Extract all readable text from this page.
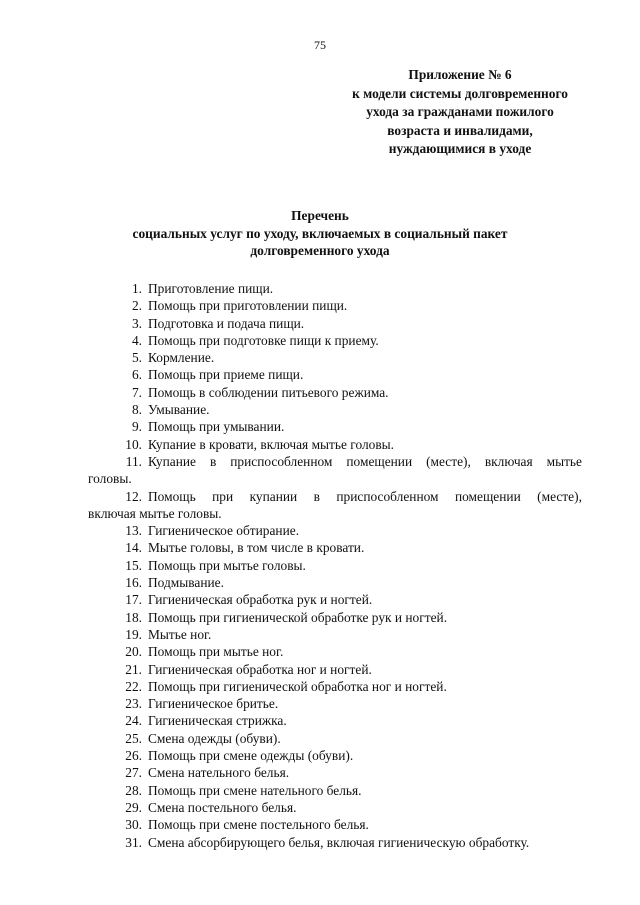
75
Приложение № 6
к модели системы долговременного
ухода за гражданами пожилого
возраста и инвалидами,
нуждающимися в уходе
Перечень
социальных услуг по уходу, включаемых в социальный пакет
долговременного ухода
1. Приготовление пищи.
2. Помощь при приготовлении пищи.
3. Подготовка и подача пищи.
4. Помощь при подготовке пищи к приему.
5. Кормление.
6. Помощь при приеме пищи.
7. Помощь в соблюдении питьевого режима.
8. Умывание.
9. Помощь при умывании.
10. Купание в кровати, включая мытье головы.
11. Купание в приспособленном помещении (месте), включая мытье
головы.
12. Помощь при купании в приспособленном помещении (месте),
включая мытье головы.
13. Гигиеническое обтирание.
14. Мытье головы, в том числе в кровати.
15. Помощь при мытье головы.
16. Подмывание.
17. Гигиеническая обработка рук и ногтей.
18. Помощь при гигиенической обработке рук и ногтей.
19. Мытье ног.
20. Помощь при мытье ног.
21. Гигиеническая обработка ног и ногтей.
22. Помощь при гигиенической обработка ног и ногтей.
23. Гигиеническое бритье.
24. Гигиеническая стрижка.
25. Смена одежды (обуви).
26. Помощь при смене одежды (обуви).
27. Смена нательного белья.
28. Помощь при смене нательного белья.
29. Смена постельного белья.
30. Помощь при смене постельного белья.
31. Смена абсорбирующего белья, включая гигиеническую обработку.
